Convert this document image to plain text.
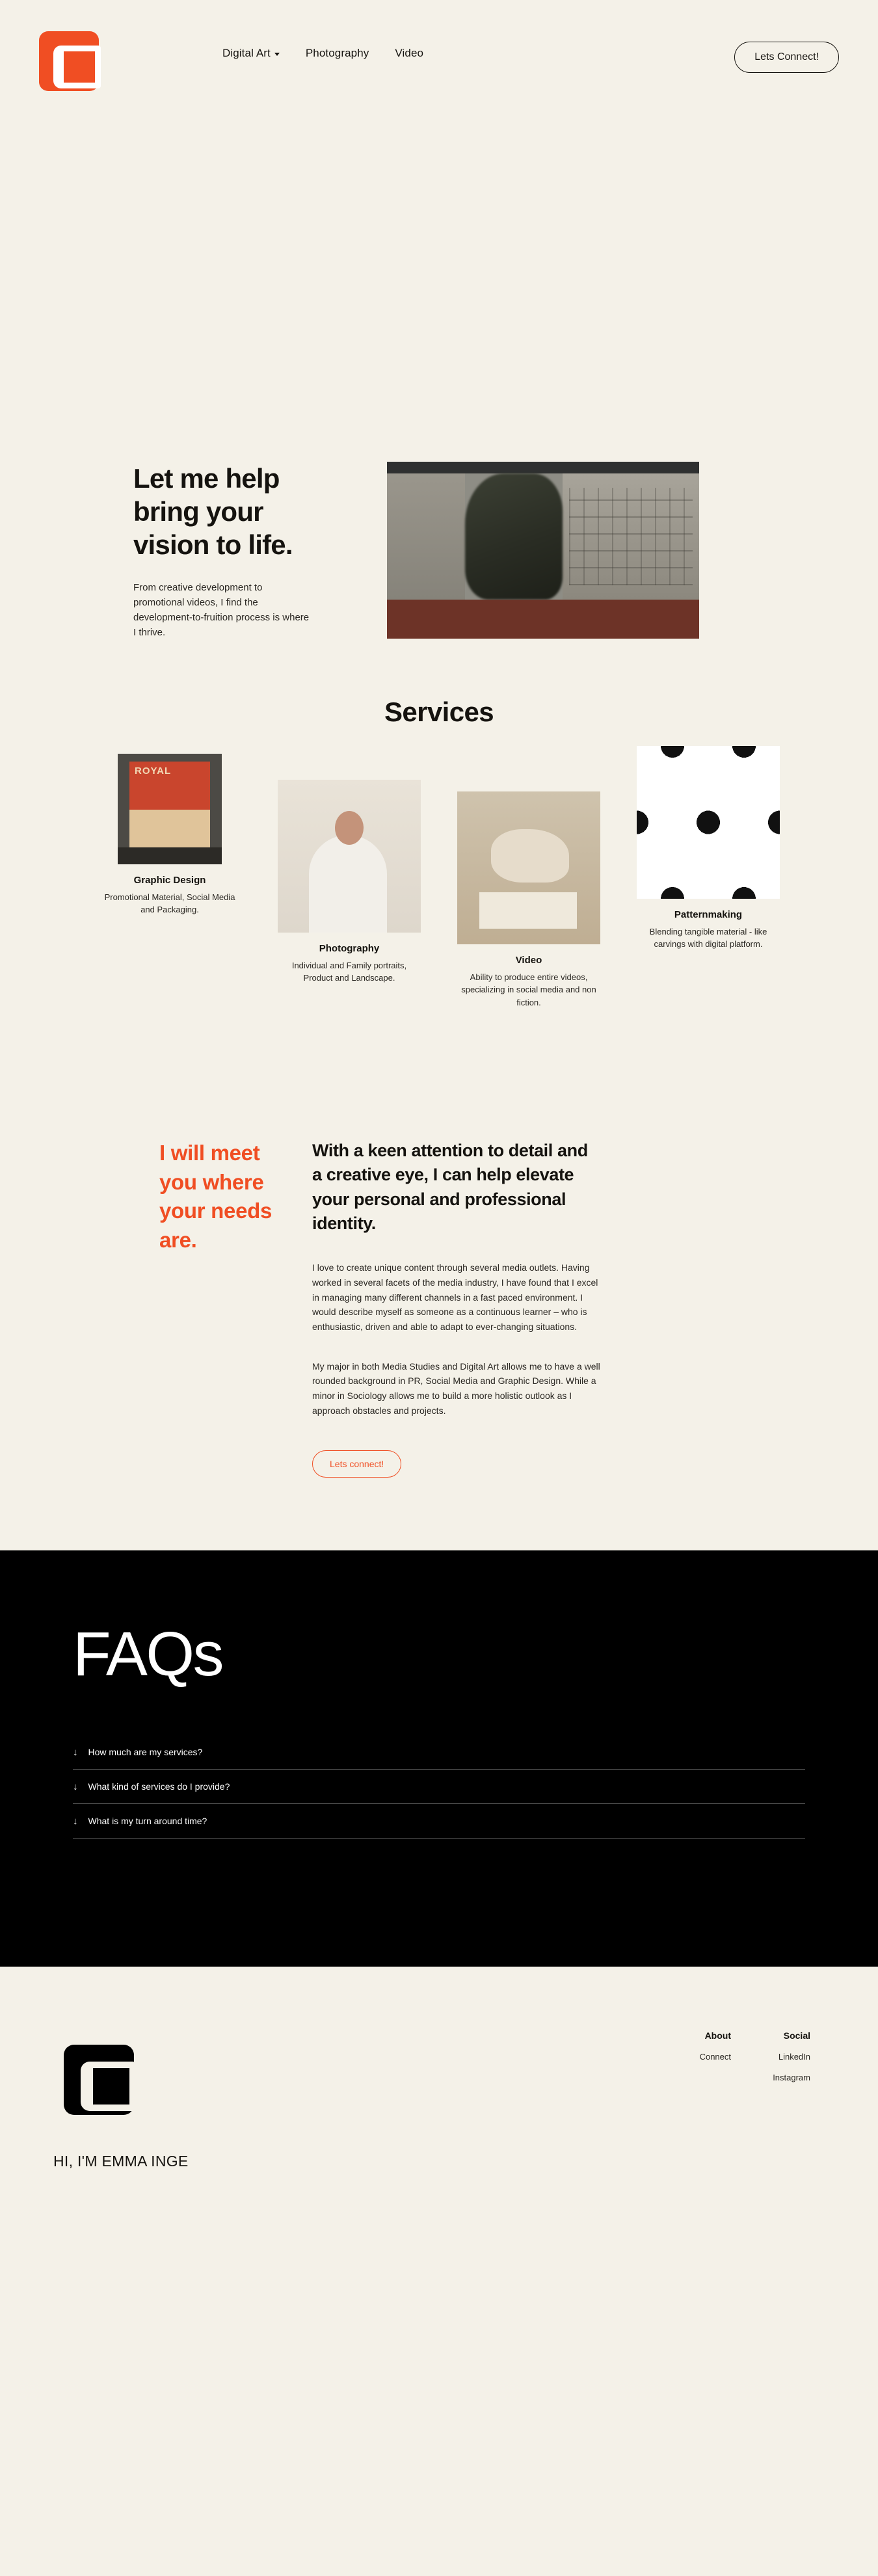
Digital Art	Photography Video	Lets Connect!
Let me help bring your vision to life.

From creative development to promotional videos, I find the development-to-fruition process is where I thrive.

Services
ROYAL
Graphic Design

Promotional Material, Social Media and Packaging.

Photography

Individual and Family portraits, Product and Landscape.

Video

Ability to produce entire videos, specializing in social media and non fiction.

Patternmaking

Blending tangible material - like carvings with digital platform.

I will meet you where your needs are.
With a keen attention to detail and a creative eye, I can help elevate your personal and professional identity.

I love to create unique content through several media outlets. Having worked in several facets of the media industry, I have found that I excel in managing many different channels in a fast paced environment. I would describe myself as someone as a continuous learner – who is enthusiastic, driven and able to adapt to ever-changing situations.

My major in both Media Studies and Digital Art allows me to have a well rounded background in PR, Social Media and Graphic Design. While a minor in Sociology allows me to build a more holistic outlook as I approach obstacles and projects.

Lets connect!
FAQs
↓ How much are my services?
↓ What kind of services do I provide?
↓ What is my turn around time?
About
Connect
Social
LinkedIn
Instagram
HI, I'M EMMA INGE
